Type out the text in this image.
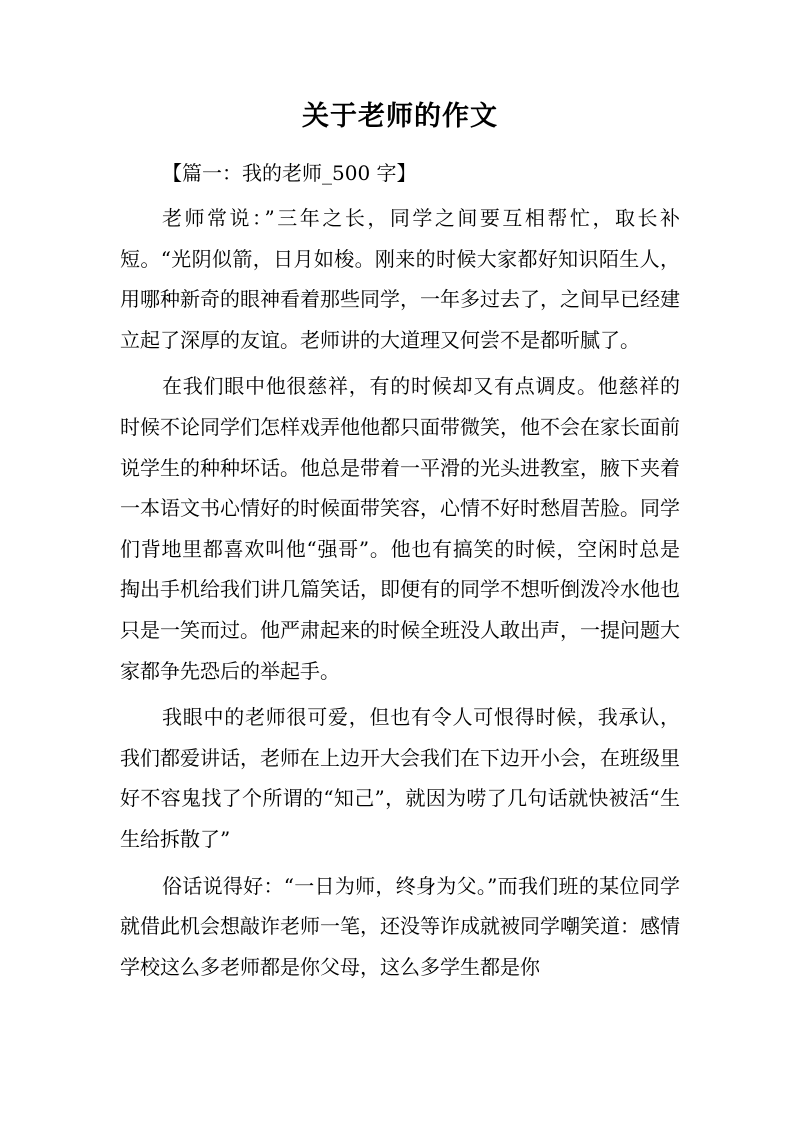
关于老师的作文
【篇一：我的老师_500 字】

老师常说：”三年之长，同学之间要互相帮忙，取长补短。“光阴似箭，日月如梭。刚来的时候大家都好知识陌生人，用哪种新奇的眼神看着那些同学，一年多过去了，之间早已经建立起了深厚的友谊。老师讲的大道理又何尝不是都听腻了。

在我们眼中他很慈祥，有的时候却又有点调皮。他慈祥的时候不论同学们怎样戏弄他他都只面带微笑，他不会在家长面前说学生的种种坏话。他总是带着一平滑的光头进教室，腋下夹着一本语文书心情好的时候面带笑容，心情不好时愁眉苦脸。同学们背地里都喜欢叫他“强哥”。他也有搞笑的时候，空闲时总是掏出手机给我们讲几篇笑话，即便有的同学不想听倒泼冷水他也只是一笑而过。他严肃起来的时候全班没人敢出声，一提问题大家都争先恐后的举起手。

我眼中的老师很可爱，但也有令人可恨得时候，我承认，我们都爱讲话，老师在上边开大会我们在下边开小会，在班级里好不容鬼找了个所谓的“知己”，就因为唠了几句话就快被活“生生给拆散了”

俗话说得好：“一日为师，终身为父。”而我们班的某位同学就借此机会想敲诈老师一笔，还没等诈成就被同学嘲笑道：感情学校这么多老师都是你父母，这么多学生都是你
